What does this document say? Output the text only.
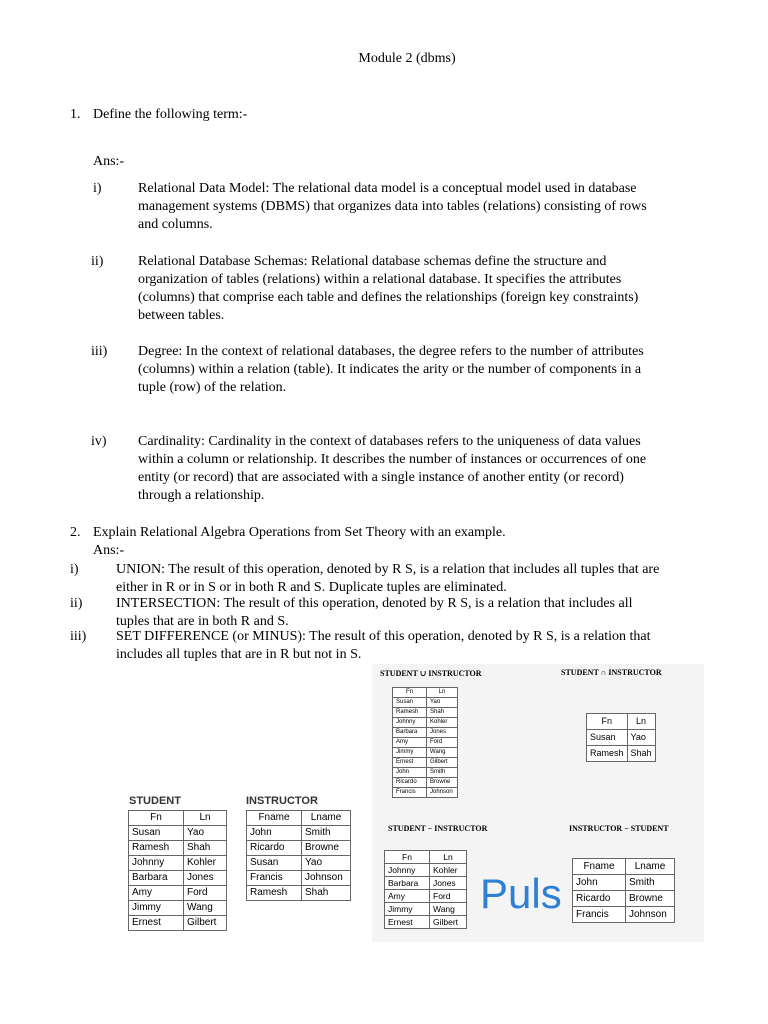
Module 2 (dbms)
1. Define the following term:-
Ans:-
i)	Relational Data Model: The relational data model is a conceptual model used in database
management systems (DBMS) that organizes data into tables (relations) consisting of rows
and columns.
ii) Relational Database Schemas: Relational database schemas define the structure and
organization of tables (relations) within a relational database. It specifies the attributes
(columns) that comprise each table and defines the relationships (foreign key constraints)
between tables.
iii) Degree: In the context of relational databases, the degree refers to the number of attributes
(columns) within a relation (table). It indicates the arity or the number of components in a
tuple (row) of the relation.
iv) Cardinality: Cardinality in the context of databases refers to the uniqueness of data values
within a column or relationship. It describes the number of instances or occurrences of one
entity (or record) that are associated with a single instance of another entity (or record)
through a relationship.
2. Explain Relational Algebra Operations from Set Theory with an example.
Ans:-
i)	UNION: The result of this operation, denoted by R S, is a relation that includes all tuples that are
either in R or in S or in both R and S. Duplicate tuples are eliminated.
ii) INTERSECTION: The result of this operation, denoted by R S, is a relation that includes all
tuples that are in both R and S.
iii) SET DIFFERENCE (or MINUS): The result of this operation, denoted by R S, is a relation that
includes all tuples that are in R but not in S.
STUDENT
Fn	Ln
Susan	Yao
Ramesh	Shah
Johnny	Kohler
Barbara	Jones
Amy	Ford
Jimmy	Wang
Ernest	Gilbert
INSTRUCTOR
Fname	Lname
John	Smith
Ricardo	Browne
Susan	Yao
Francis	Johnson
Ramesh	Shah
STUDENT ∪ INSTRUCTOR
Fn	Ln
Susan	Yao
Ramesh	Shah
Johnny	Kohler
Barbara	Jones
Amy	Ford
Jimmy	Wang
Ernest	Gilbert
John	Smith
Ricardo	Browne
Francis	Johnson
STUDENT ∩ INSTRUCTOR
Fn	Ln
Susan	Yao
Ramesh	Shah
STUDENT − INSTRUCTOR
Fn	Ln
Johnny	Kohler
Barbara	Jones
Amy	Ford
Jimmy	Wang
Ernest	Gilbert
Puls
INSTRUCTOR − STUDENT
Fname	Lname
John	Smith
Ricardo	Browne
Francis	Johnson
